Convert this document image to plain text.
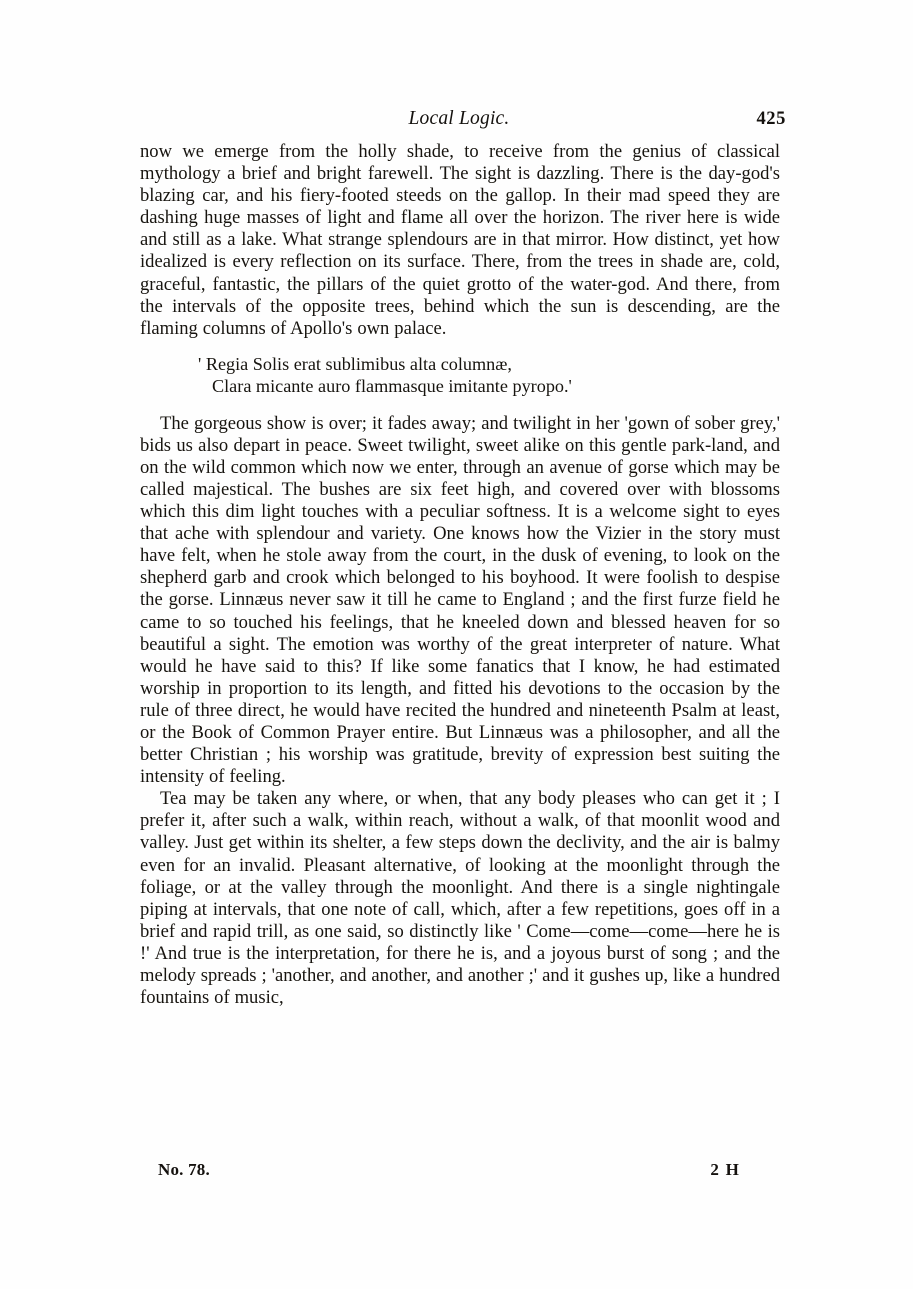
Local Logic.	425

now we emerge from the holly shade, to receive from the genius of classical mythology a brief and bright farewell. The sight is dazzling. There is the day-god's blazing car, and his fiery-footed steeds on the gallop. In their mad speed they are dashing huge masses of light and flame all over the horizon. The river here is wide and still as a lake. What strange splendours are in that mirror. How distinct, yet how idealized is every reflection on its surface. There, from the trees in shade are, cold, graceful, fantastic, the pillars of the quiet grotto of the water-god. And there, from the intervals of the opposite trees, behind which the sun is descending, are the flaming columns of Apollo's own palace.

' Regia Solis erat sublimibus alta columnæ,
Clara micante auro flammasque imitante pyropo.'

The gorgeous show is over; it fades away; and twilight in her 'gown of sober grey,' bids us also depart in peace. Sweet twilight, sweet alike on this gentle park-land, and on the wild common which now we enter, through an avenue of gorse which may be called majestical. The bushes are six feet high, and covered over with blossoms which this dim light touches with a peculiar softness. It is a welcome sight to eyes that ache with splendour and variety. One knows how the Vizier in the story must have felt, when he stole away from the court, in the dusk of evening, to look on the shepherd garb and crook which belonged to his boyhood. It were foolish to despise the gorse. Linnæus never saw it till he came to England ; and the first furze field he came to so touched his feelings, that he kneeled down and blessed heaven for so beautiful a sight. The emotion was worthy of the great interpreter of nature. What would he have said to this? If like some fanatics that I know, he had estimated worship in proportion to its length, and fitted his devotions to the occasion by the rule of three direct, he would have recited the hundred and nineteenth Psalm at least, or the Book of Common Prayer entire. But Linnæus was a philosopher, and all the better Christian ; his worship was gratitude, brevity of expression best suiting the intensity of feeling.

Tea may be taken any where, or when, that any body pleases who can get it ; I prefer it, after such a walk, within reach, without a walk, of that moonlit wood and valley. Just get within its shelter, a few steps down the declivity, and the air is balmy even for an invalid. Pleasant alternative, of looking at the moonlight through the foliage, or at the valley through the moonlight. And there is a single nightingale piping at intervals, that one note of call, which, after a few repetitions, goes off in a brief and rapid trill, as one said, so distinctly like ' Come—come—come—here he is !' And true is the interpretation, for there he is, and a joyous burst of song ; and the melody spreads ; 'another, and another, and another ;' and it gushes up, like a hundred fountains of music,

No. 78.	2 H
